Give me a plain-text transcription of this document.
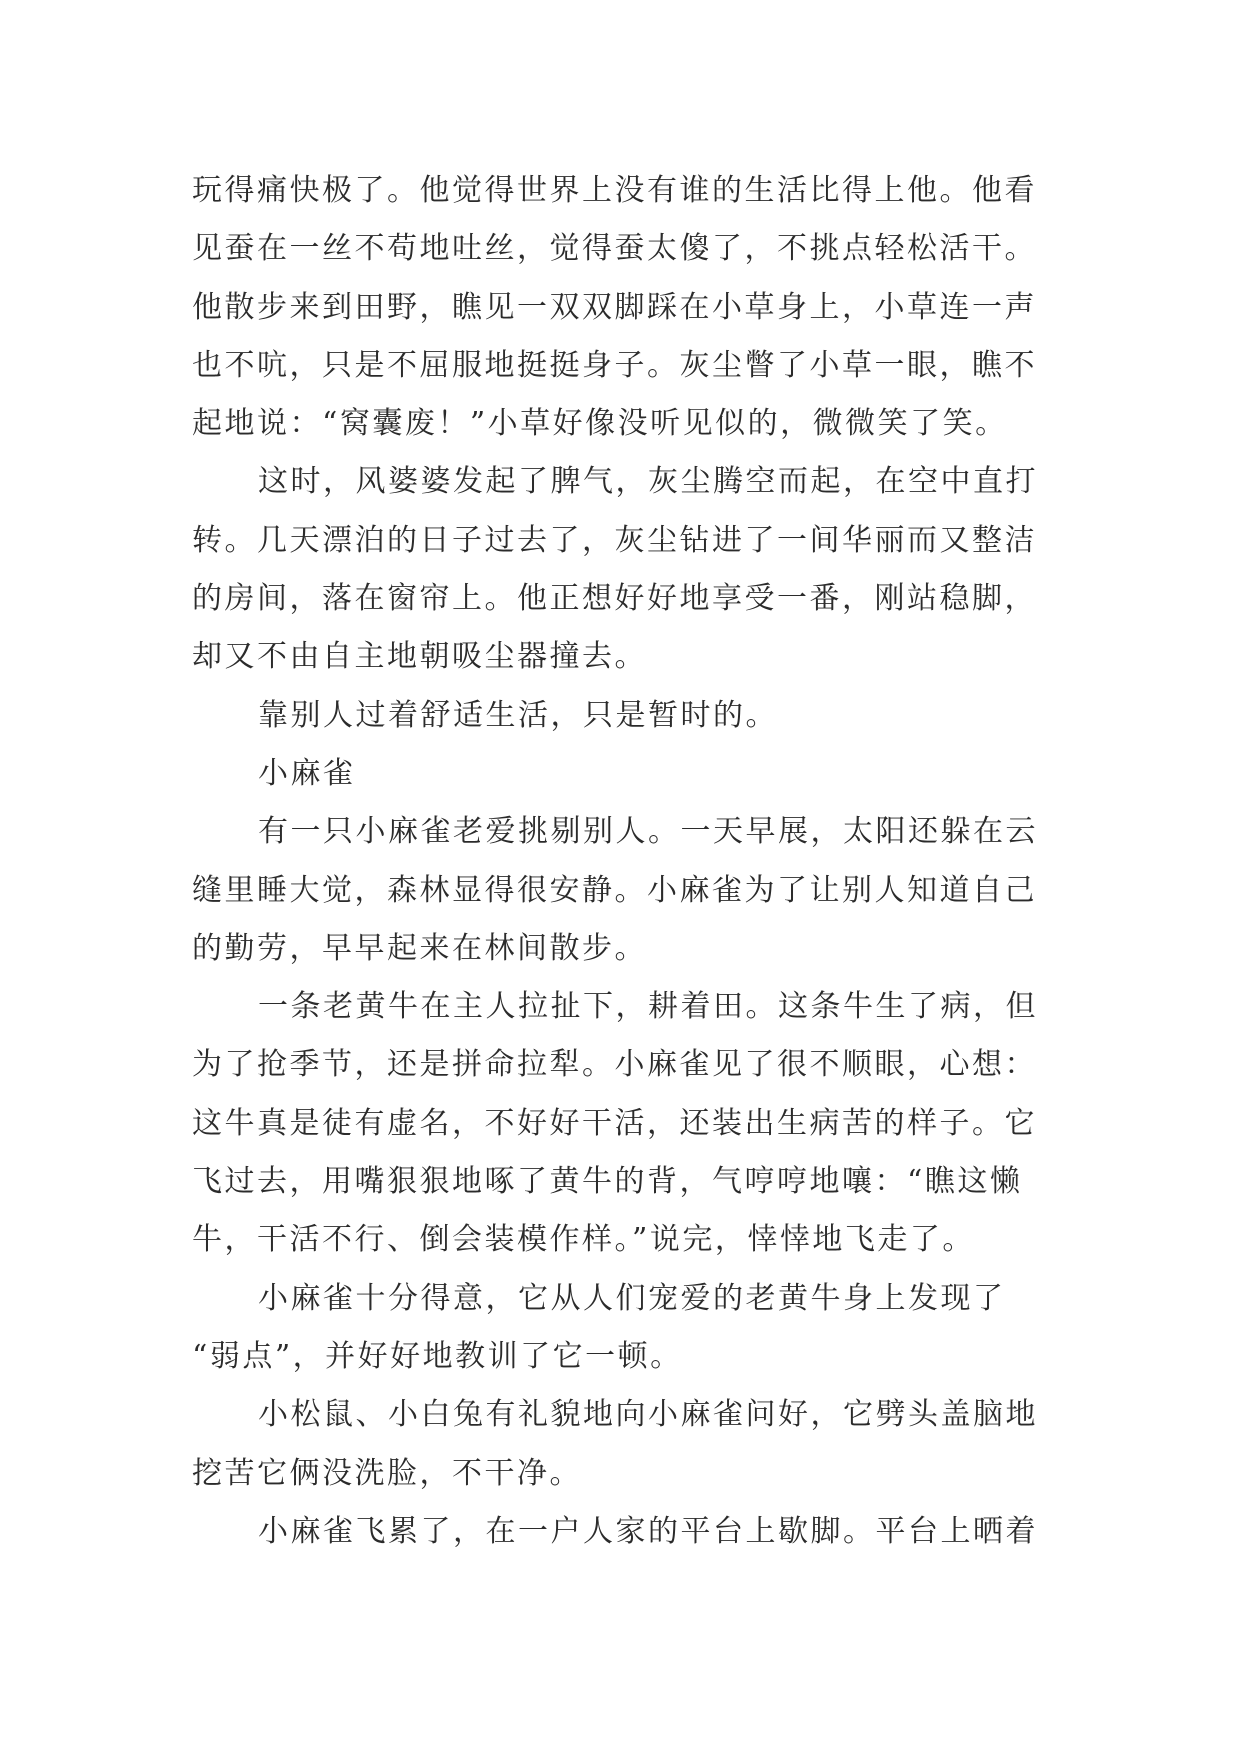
玩得痛快极了。他觉得世界上没有谁的生活比得上他。他看
见蚕在一丝不苟地吐丝，觉得蚕太傻了，不挑点轻松活干。
他散步来到田野，瞧见一双双脚踩在小草身上，小草连一声
也不吭，只是不屈服地挺挺身子。灰尘瞥了小草一眼，瞧不
起地说：“窝囊废！”小草好像没听见似的，微微笑了笑。
这时，风婆婆发起了脾气，灰尘腾空而起，在空中直打
转。几天漂泊的日子过去了，灰尘钻进了一间华丽而又整洁
的房间，落在窗帘上。他正想好好地享受一番，刚站稳脚，
却又不由自主地朝吸尘器撞去。
靠别人过着舒适生活，只是暂时的。
小麻雀
有一只小麻雀老爱挑剔别人。一天早展，太阳还躲在云
缝里睡大觉，森林显得很安静。小麻雀为了让别人知道自己
的勤劳，早早起来在林间散步。
一条老黄牛在主人拉扯下，耕着田。这条牛生了病，但
为了抢季节，还是拼命拉犁。小麻雀见了很不顺眼，心想：
这牛真是徒有虚名，不好好干活，还装出生病苦的样子。它
飞过去，用嘴狠狠地啄了黄牛的背，气哼哼地嚷：“瞧这懒
牛，干活不行、倒会装模作样。”说完，悻悻地飞走了。
小麻雀十分得意，它从人们宠爱的老黄牛身上发现了
“弱点”，并好好地教训了它一顿。
小松鼠、小白兔有礼貌地向小麻雀问好，它劈头盖脑地
挖苦它俩没洗脸，不干净。
小麻雀飞累了，在一户人家的平台上歇脚。平台上晒着
